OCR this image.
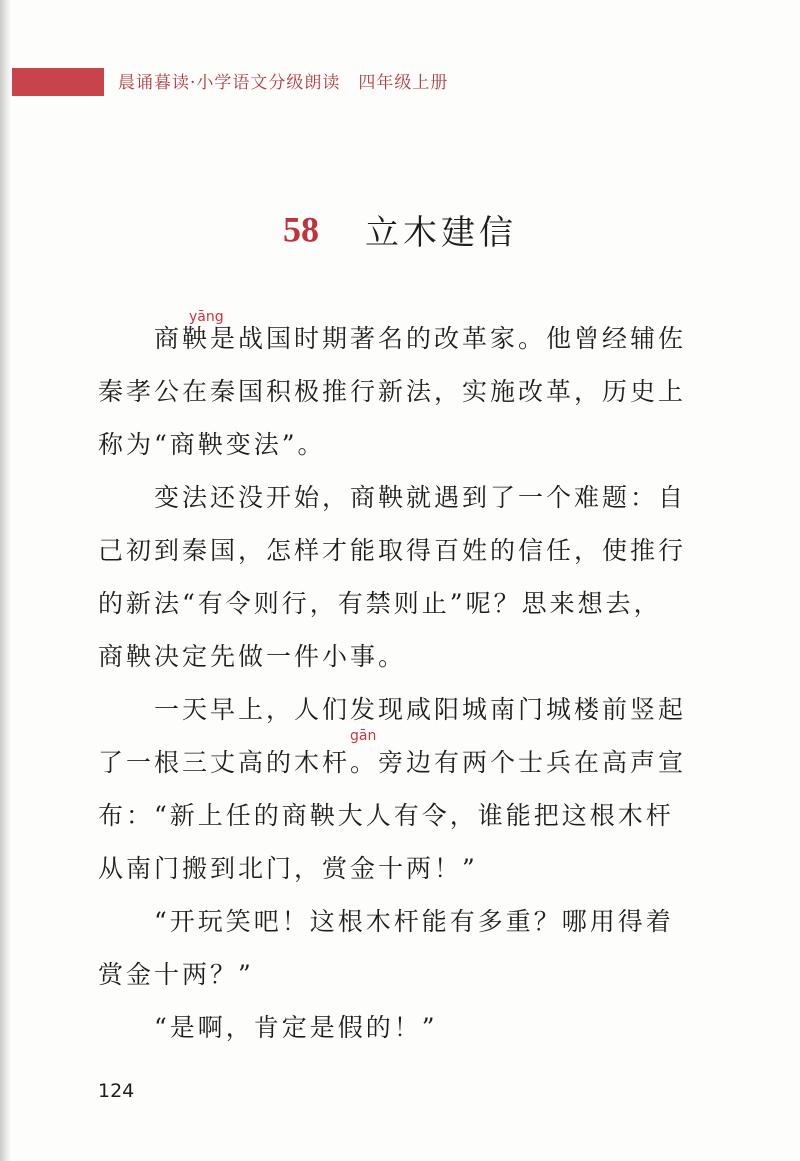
晨诵暮读·小学语文分级朗读 四年级上册
58 立木建信
yāng
　　商鞅是战国时期著名的改革家。他曾经辅佐
秦孝公在秦国积极推行新法，实施改革，历史上
称为“商鞅变法”。
　　变法还没开始，商鞅就遇到了一个难题：自
己初到秦国，怎样才能取得百姓的信任，使推行
的新法“有令则行，有禁则止”呢？思来想去，
商鞅决定先做一件小事。
　　一天早上，人们发现咸阳城南门城楼前竖起
gān
了一根三丈高的木杆。旁边有两个士兵在高声宣
布：“新上任的商鞅大人有令，谁能把这根木杆
从南门搬到北门，赏金十两！”
　　“开玩笑吧！这根木杆能有多重？哪用得着
赏金十两？”
　　“是啊，肯定是假的！”
124
